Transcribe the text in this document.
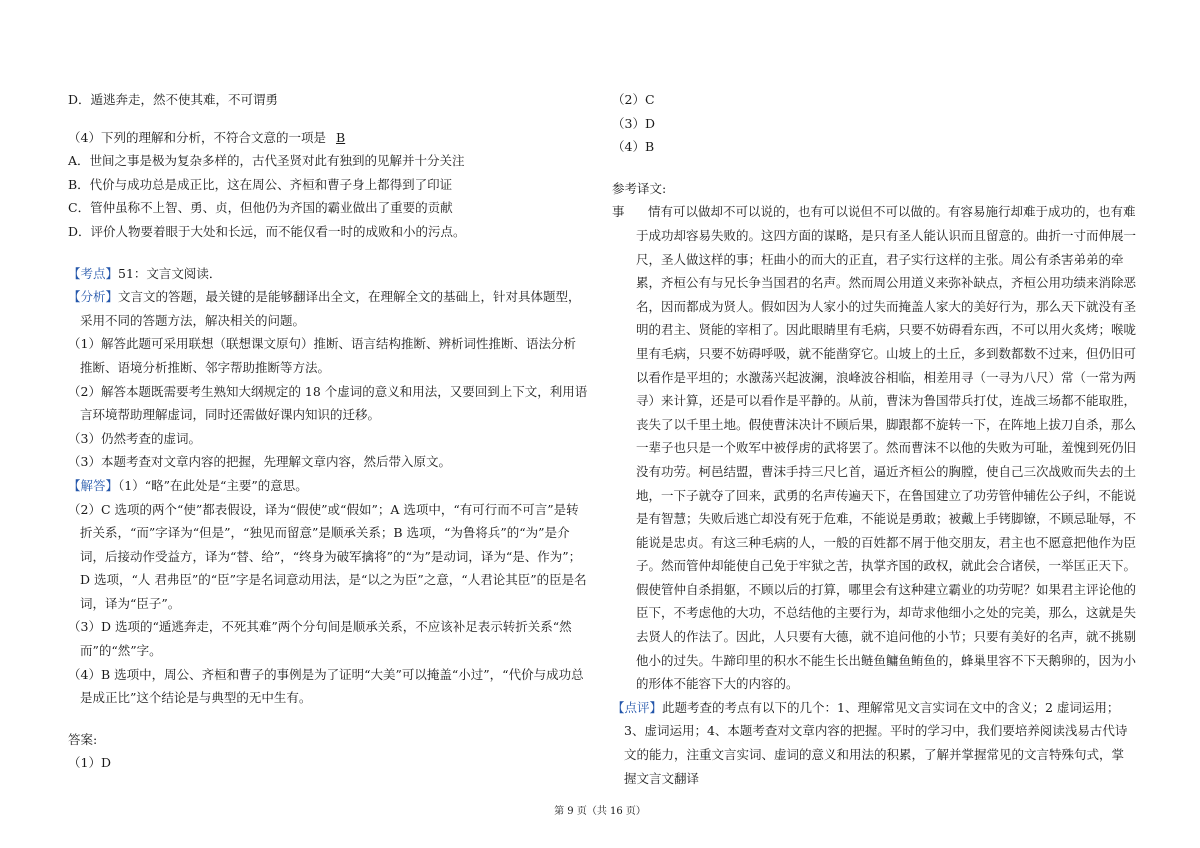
D．遁逃奔走，然不使其难，不可谓勇

（4）下列的理解和分析，不符合文意的一项是 B

A．世间之事是极为复杂多样的，古代圣贤对此有独到的见解并十分关注

B．代价与成功总是成正比，这在周公、齐桓和曹子身上都得到了印证

C．管仲虽称不上智、勇、贞，但他仍为齐国的霸业做出了重要的贡献

D．评价人物要着眼于大处和长远，而不能仅看一时的成败和小的污点。

【考点】51：文言文阅读．

【分析】文言文的答题，最关键的是能够翻译出全文，在理解全文的基础上，针对具体题型，采用不同的答题方法，解决相关的问题。

（1）解答此题可采用联想（联想课文原句）推断、语言结构推断、辨析词性推断、语法分析推断、语境分析推断、邻字帮助推断等方法。

（2）解答本题既需要考生熟知大纲规定的 18 个虚词的意义和用法，又要回到上下文，利用语言环境帮助理解虚词，同时还需做好课内知识的迁移。

（3）仍然考查的虚词。

（3）本题考查对文章内容的把握，先理解文章内容，然后带入原文。

【解答】（1）“略”在此处是“主要”的意思。

（2）C 选项的两个“使”都表假设，译为“假使”或“假如”；A 选项中，“有可行而不可言”是转折关系，“而”字译为“但是”，“独见而留意”是顺承关系；B 选项，“为鲁将兵”的“为”是介词，后接动作受益方，译为“替、给”，“终身为破军擒将”的“为”是动词，译为“是、作为”；D 选项，“人 君弗臣”的“臣”字是名词意动用法，是“以之为臣”之意，“人君论其臣”的臣是名词，译为“臣子”。

（3）D 选项的“遁逃奔走，不死其难”两个分句间是顺承关系，不应该补足表示转折关系“然而”的“然”字。

（4）B 选项中，周公、齐桓和曹子的事例是为了证明“大美”可以掩盖“小过”，“代价与成功总是成正比”这个结论是与典型的无中生有。

答案:

（1）D

（2）C

（3）D

（4）B

参考译文:

事 情有可以做却不可以说的，也有可以说但不可以做的。有容易施行却难于成功的，也有难于成功却容易失败的。这四方面的谋略，是只有圣人能认识而且留意的。曲折一寸而伸展一尺，圣人做这样的事；枉曲小的而大的正直，君子实行这样的主张。周公有杀害弟弟的牵累，齐桓公有与兄长争当国君的名声。然而周公用道义来弥补缺点，齐桓公用功绩来消除恶名，因而都成为贤人。假如因为人家小的过失而掩盖人家大的美好行为，那么天下就没有圣明的君主、贤能的宰相了。因此眼睛里有毛病，只要不妨碍看东西，不可以用火炙烤；喉咙里有毛病，只要不妨碍呼吸，就不能凿穿它。山坡上的土丘，多到数都数不过来，但仍旧可以看作是平坦的；水激荡兴起波澜，浪峰波谷相临，相差用寻（一寻为八尺）常（一常为两寻）来计算，还是可以看作是平静的。从前，曹沫为鲁国带兵打仗，连战三场都不能取胜，丧失了以千里土地。假使曹沫决计不顾后果，脚跟都不旋转一下，在阵地上拔刀自杀，那么一辈子也只是一个败军中被俘虏的武将罢了。然而曹沫不以他的失败为可耻，羞愧到死仍旧没有功劳。柯邑结盟，曹沫手持三尺匕首，逼近齐桓公的胸膛，使自己三次战败而失去的土地，一下子就夺了回来，武勇的名声传遍天下，在鲁国建立了功劳管仲辅佐公子纠，不能说是有智慧；失败后逃亡却没有死于危难，不能说是勇敢；被戴上手铐脚镣，不顾忌耻辱，不能说是忠贞。有这三种毛病的人，一般的百姓都不屑于他交朋友，君主也不愿意把他作为臣子。然而管仲却能使自己免于牢狱之苦，执掌齐国的政权，就此会合诸侯，一举匡正天下。假使管仲自杀捐躯，不顾以后的打算，哪里会有这种建立霸业的功劳呢？如果君主评论他的臣下，不考虑他的大功，不总结他的主要行为，却苛求他细小之处的完美，那么，这就是失去贤人的作法了。因此，人只要有大德，就不追问他的小节；只要有美好的名声，就不挑剔他小的过失。牛蹄印里的积水不能生长出鲢鱼鳙鱼鲔鱼的，蜂巢里容不下天鹅卵的，因为小的形体不能容下大的内容的。

【点评】此题考查的考点有以下的几个：1、理解常见文言实词在文中的含义；2 虚词运用；3、虚词运用；4、本题考查对文章内容的把握。平时的学习中，我们要培养阅读浅易古代诗文的能力，注重文言实词、虚词的意义和用法的积累，了解并掌握常见的文言特殊句式，掌握文言文翻译

第 9 页（共 16 页）
